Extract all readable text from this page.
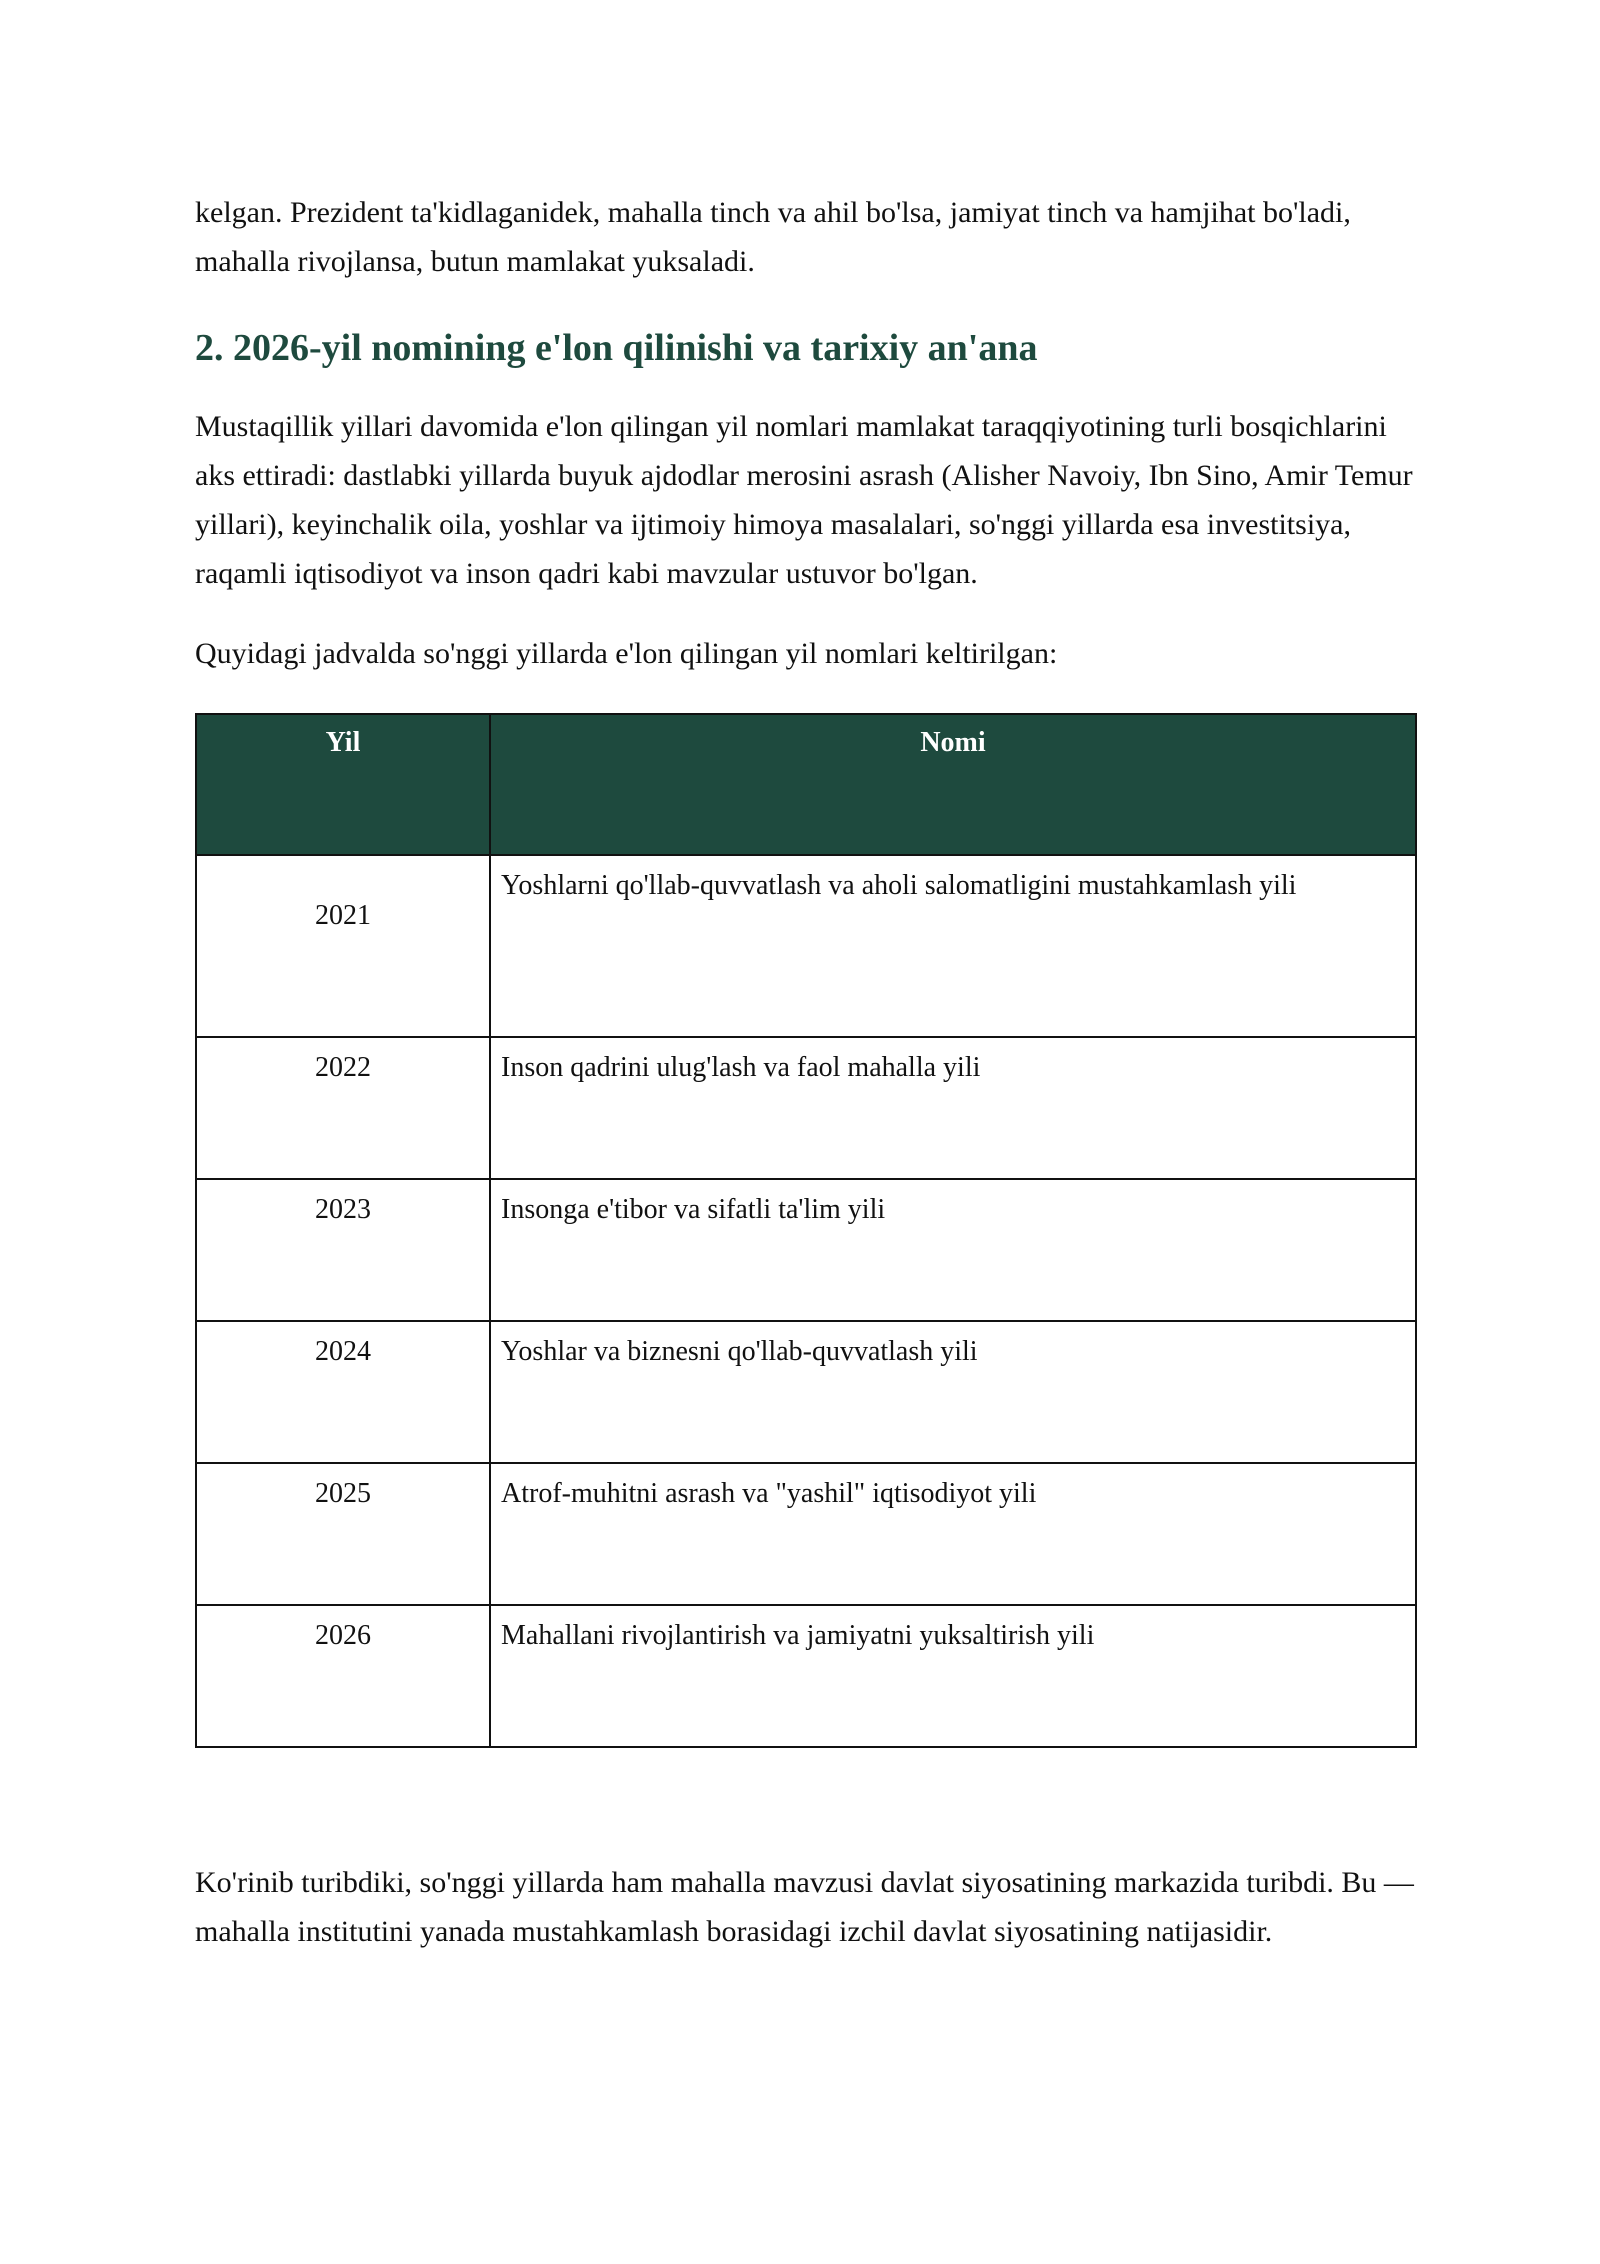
kelgan. Prezident ta'kidlaganidek, mahalla tinch va ahil bo'lsa, jamiyat tinch va hamjihat bo'ladi, mahalla rivojlansa, butun mamlakat yuksaladi.

2. 2026-yil nomining e'lon qilinishi va tarixiy an'ana

Mustaqillik yillari davomida e'lon qilingan yil nomlari mamlakat taraqqiyotining turli bosqichlarini aks ettiradi: dastlabki yillarda buyuk ajdodlar merosini asrash (Alisher Navoiy, Ibn Sino, Amir Temur yillari), keyinchalik oila, yoshlar va ijtimoiy himoya masalalari, so'nggi yillarda esa investitsiya, raqamli iqtisodiyot va inson qadri kabi mavzular ustuvor bo'lgan.

Quyidagi jadvalda so'nggi yillarda e'lon qilingan yil nomlari keltirilgan:

Yil	Nomi
2021	Yoshlarni qo'llab-quvvatlash va aholi salomatligini mustahkamlash yili
2022	Inson qadrini ulug'lash va faol mahalla yili
2023	Insonga e'tibor va sifatli ta'lim yili
2024	Yoshlar va biznesni qo'llab-quvvatlash yili
2025	Atrof-muhitni asrash va "yashil" iqtisodiyot yili
2026	Mahallani rivojlantirish va jamiyatni yuksaltirish yili

Ko'rinib turibdiki, so'nggi yillarda ham mahalla mavzusi davlat siyosatining markazida turibdi. Bu — mahalla institutini yanada mustahkamlash borasidagi izchil davlat siyosatining natijasidir.
